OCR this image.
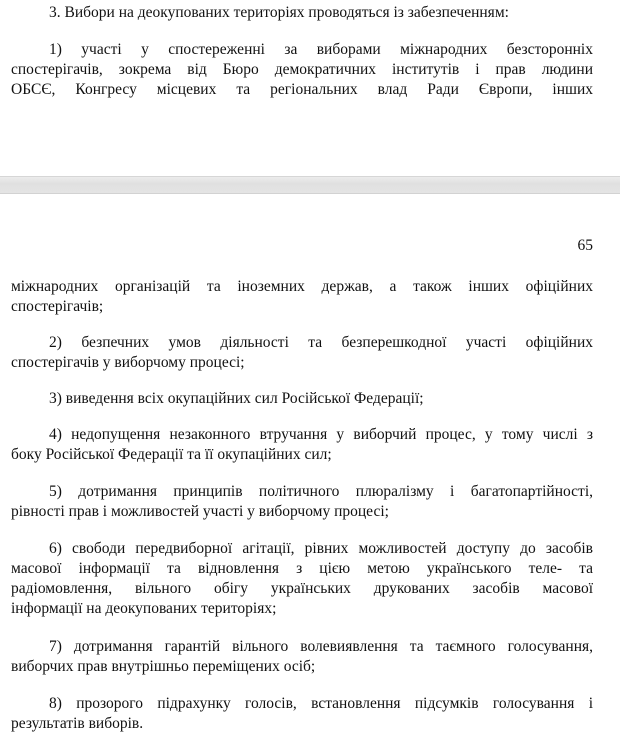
3. Вибори на деокупованих територіях проводяться із забезпеченням:

1) участі у спостереженні за виборами міжнародних безсторонніх

спостерігачів, зокрема від Бюро демократичних інститутів і прав людини

ОБСЄ, Конгресу місцевих та регіональних влад Ради Європи, інших

65

міжнародних організацій та іноземних держав, а також інших офіційних

спостерігачів;

2) безпечних умов діяльності та безперешкодної участі офіційних

спостерігачів у виборчому процесі;

3) виведення всіх окупаційних сил Російської Федерації;

4) недопущення незаконного втручання у виборчий процес, у тому числі з

боку Російської Федерації та її окупаційних сил;

5) дотримання принципів політичного плюралізму і багатопартійності,

рівності прав і можливостей участі у виборчому процесі;

6) свободи передвиборної агітації, рівних можливостей доступу до засобів

масової інформації та відновлення з цією метою українського теле- та

радіомовлення, вільного обігу українських друкованих засобів масової

інформації на деокупованих територіях;

7) дотримання гарантій вільного волевиявлення та таємного голосування,

виборчих прав внутрішньо переміщених осіб;

8) прозорого підрахунку голосів, встановлення підсумків голосування і

результатів виборів.
